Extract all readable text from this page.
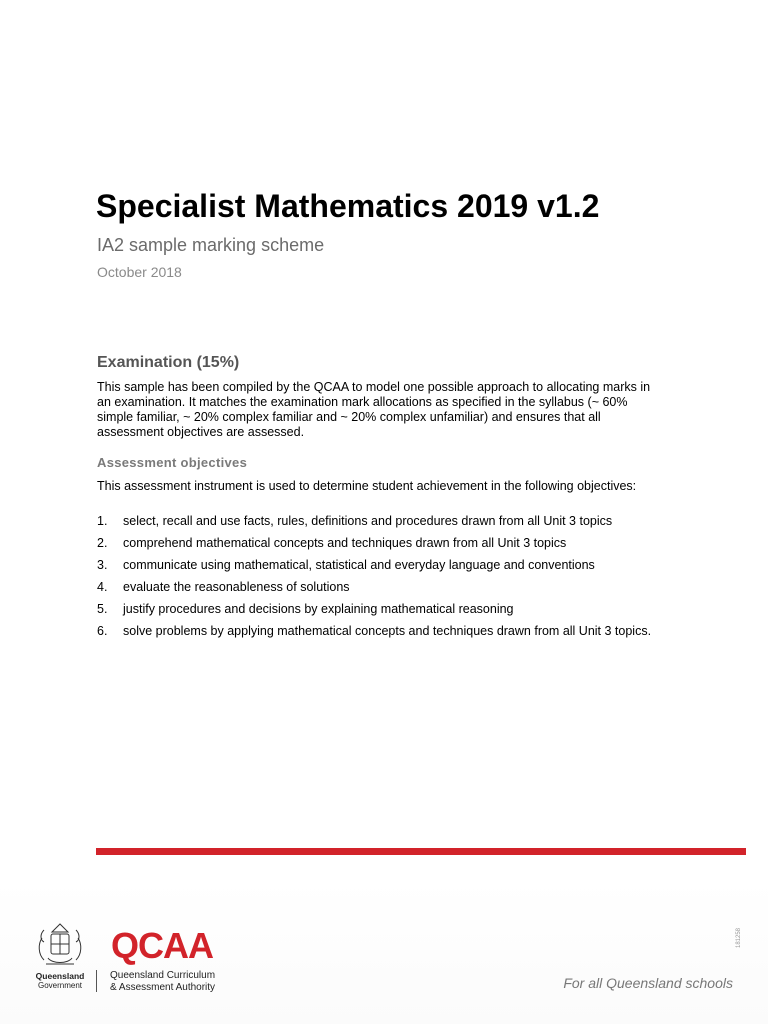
Specialist Mathematics 2019 v1.2

IA2 sample marking scheme

October 2018

Examination (15%)

This sample has been compiled by the QCAA to model one possible approach to allocating marks in an examination. It matches the examination mark allocations as specified in the syllabus (~ 60% simple familiar, ~ 20% complex familiar and ~ 20% complex unfamiliar) and ensures that all assessment objectives are assessed.

Assessment objectives

This assessment instrument is used to determine student achievement in the following objectives:

1.	select, recall and use facts, rules, definitions and procedures drawn from all Unit 3 topics
2.	comprehend mathematical concepts and techniques drawn from all Unit 3 topics
3.	communicate using mathematical, statistical and everyday language and conventions
4.	evaluate the reasonableness of solutions
5.	justify procedures and decisions by explaining mathematical reasoning
6.	solve problems by applying mathematical concepts and techniques drawn from all Unit 3 topics.
Queensland
Government
QCAA
Queensland Curriculum
& Assessment Authority
181258
For all Queensland schools
